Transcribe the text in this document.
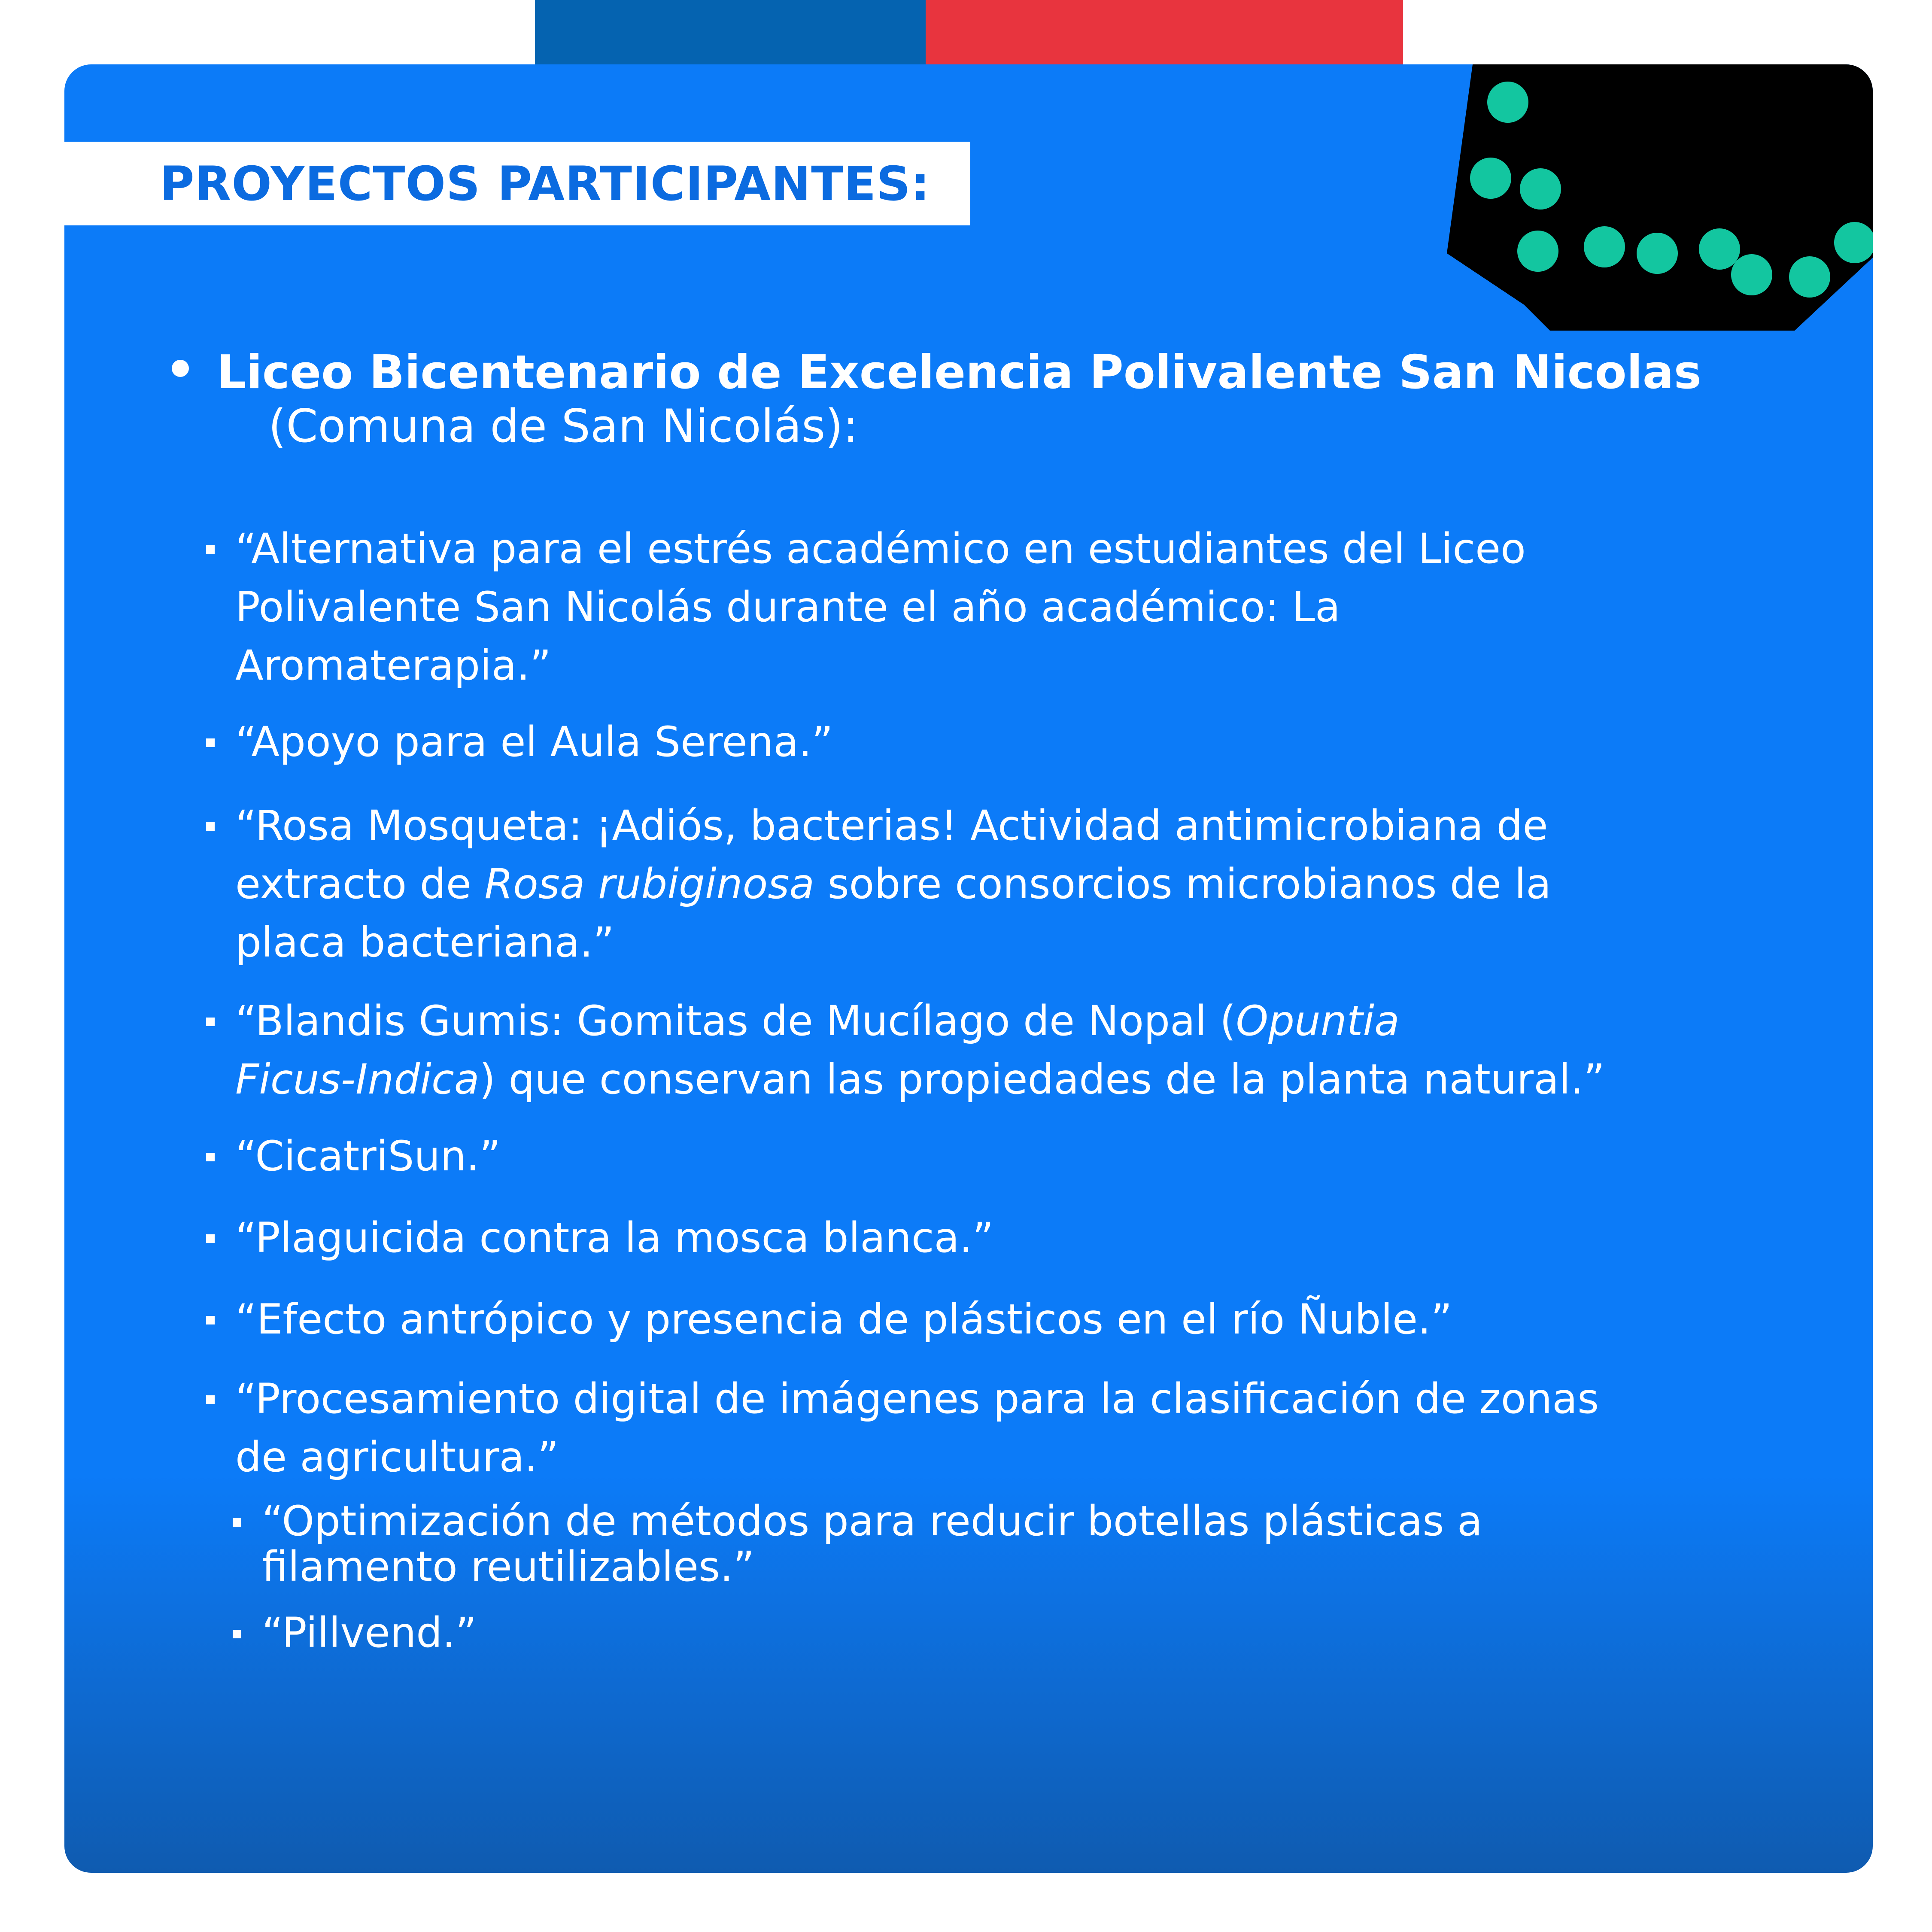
PROYECTOS PARTICIPANTES:
Liceo Bicentenario de Excelencia Polivalente San Nicolas
(Comuna de San Nicolás):
“Alternativa para el estrés académico en estudiantes del Liceo
Polivalente San Nicolás durante el año académico: La
Aromaterapia.”
“Apoyo para el Aula Serena.”
“Rosa Mosqueta: ¡Adiós, bacterias! Actividad antimicrobiana de
extracto de Rosa rubiginosa sobre consorcios microbianos de la
placa bacteriana.”
“Blandis Gumis: Gomitas de Mucílago de Nopal (Opuntia
Ficus-Indica) que conservan las propiedades de la planta natural.”
“CicatriSun.”
“Plaguicida contra la mosca blanca.”
“Efecto antrópico y presencia de plásticos en el río Ñuble.”
“Procesamiento digital de imágenes para la clasificación de zonas
de agricultura.”
“Optimización de métodos para reducir botellas plásticas a
filamento reutilizables.”
“Pillvend.”
